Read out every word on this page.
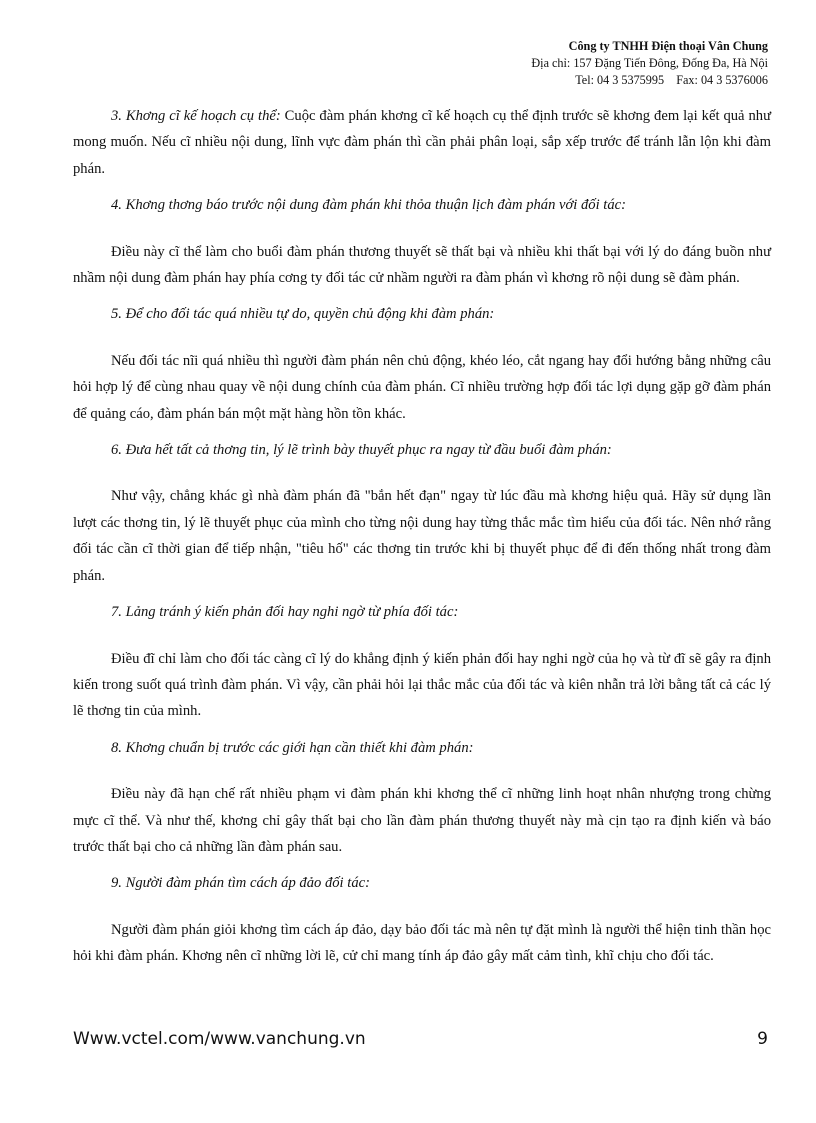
Công ty TNHH Điện thoại Vân Chung
Địa chỉ: 157 Đặng Tiến Đông, Đống Đa, Hà Nội
Tel: 04 3 5375995    Fax: 04 3 5376006

3. Khơng cĩ kế hoạch cụ thể: Cuộc đàm phán khơng cĩ kế hoạch cụ thể định trước sẽ khơng đem lại kết quả như mong muốn. Nếu cĩ nhiều nội dung, lĩnh vực đàm phán thì cần phải phân loại, sắp xếp trước để tránh lẫn lộn khi đàm phán.

4. Khơng thơng báo trước nội dung đàm phán khi thỏa thuận lịch đàm phán với đối tác:

Điều này cĩ thể làm cho buổi đàm phán thương thuyết sẽ thất bại và nhiều khi thất bại với lý do đáng buồn như nhầm nội dung đàm phán hay phía cơng ty đối tác cử nhầm người ra đàm phán vì khơng rõ nội dung sẽ đàm phán.

5. Để cho đối tác quá nhiều tự do, quyền chủ động khi đàm phán:

Nếu đối tác nĩi quá nhiều thì người đàm phán nên chủ động, khéo léo, cắt ngang hay đổi hướng bằng những câu hỏi hợp lý để cùng nhau quay về nội dung chính của đàm phán. Cĩ nhiều trường hợp đối tác lợi dụng gặp gỡ đàm phán để quảng cáo, đàm phán bán một mặt hàng hồn tồn khác.

6. Đưa hết tất cả thơng tin, lý lẽ trình bày thuyết phục ra ngay từ đầu buổi đàm phán:

Như vậy, chẳng khác gì nhà đàm phán đã "bắn hết đạn" ngay từ lúc đầu mà khơng hiệu quả. Hãy sử dụng lần lượt các thơng tin, lý lẽ thuyết phục của mình cho từng nội dung hay từng thắc mắc tìm hiểu của đối tác. Nên nhớ rằng đối tác cần cĩ thời gian để tiếp nhận, "tiêu hố" các thơng tin trước khi bị thuyết phục để đi đến thống nhất trong đàm phán.

7. Lảng tránh ý kiến phản đối hay nghi ngờ từ phía đối tác:

Điều đĩ chỉ làm cho đối tác càng cĩ lý do khẳng định ý kiến phản đối hay nghi ngờ của họ và từ đĩ sẽ gây ra định kiến trong suốt quá trình đàm phán. Vì vậy, cần phải hỏi lại thắc mắc của đối tác và kiên nhẫn trả lời bằng tất cả các lý lẽ thơng tin của mình.

8. Khơng chuẩn bị trước các giới hạn cần thiết khi đàm phán:

Điều này đã hạn chế rất nhiều phạm vi đàm phán khi khơng thể cĩ những linh hoạt nhân nhượng trong chừng mực cĩ thể. Và như thế, khơng chỉ gây thất bại cho lần đàm phán thương thuyết này mà cịn tạo ra định kiến và báo trước thất bại cho cả những lần đàm phán sau.

9. Người đàm phán tìm cách áp đảo đối tác:

Người đàm phán giỏi khơng tìm cách áp đảo, dạy bảo đối tác mà nên tự đặt mình là người thể hiện tinh thần học hỏi khi đàm phán. Khơng nên cĩ những lời lẽ, cử chỉ mang tính áp đảo gây mất cảm tình, khĩ chịu cho đối tác.

Www.vctel.com/www.vanchung.vn	9
